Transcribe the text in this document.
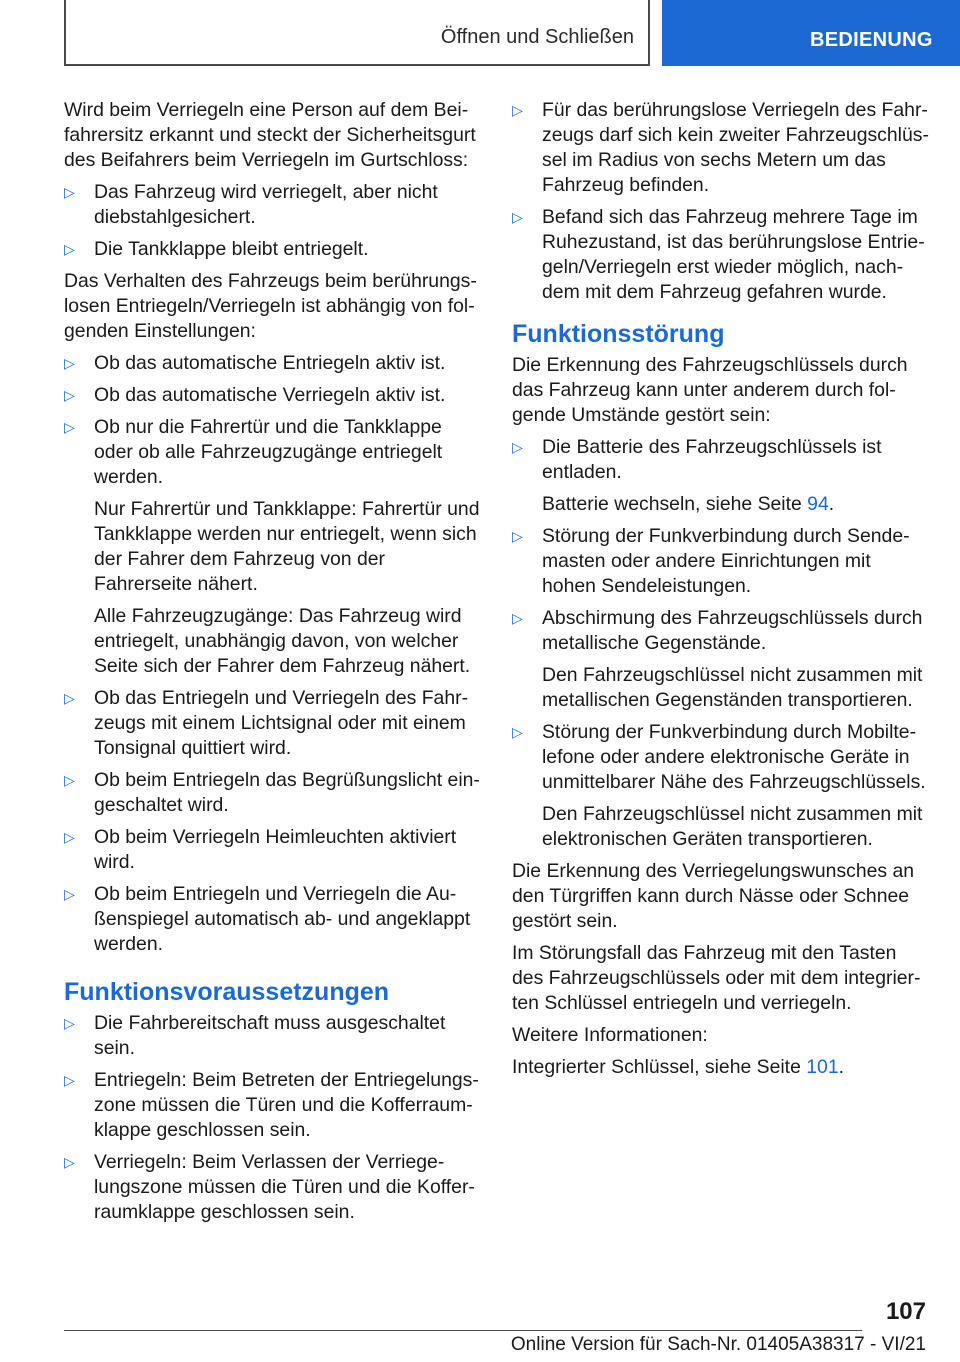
Öffnen und Schließen	BEDIENUNG

Wird beim Verriegeln eine Person auf dem Beifahrersitz erkannt und steckt der Sicherheitsgurt des Beifahrers beim Verriegeln im Gurtschloss:

▷ Das Fahrzeug wird verriegelt, aber nicht diebstahlgesichert.
▷ Die Tankklappe bleibt entriegelt.

Das Verhalten des Fahrzeugs beim berührungslosen Entriegeln/Verriegeln ist abhängig von folgenden Einstellungen:

▷ Ob das automatische Entriegeln aktiv ist.
▷ Ob das automatische Verriegeln aktiv ist.
▷ Ob nur die Fahrertür und die Tankklappe oder ob alle Fahrzeugzugänge entriegelt werden.
Nur Fahrertür und Tankklappe: Fahrertür und Tankklappe werden nur entriegelt, wenn sich der Fahrer dem Fahrzeug von der Fahrerseite nähert.
Alle Fahrzeugzugänge: Das Fahrzeug wird entriegelt, unabhängig davon, von welcher Seite sich der Fahrer dem Fahrzeug nähert.
▷ Ob das Entriegeln und Verriegeln des Fahrzeugs mit einem Lichtsignal oder mit einem Tonsignal quittiert wird.
▷ Ob beim Entriegeln das Begrüßungslicht eingeschaltet wird.
▷ Ob beim Verriegeln Heimleuchten aktiviert wird.
▷ Ob beim Entriegeln und Verriegeln die Außenspiegel automatisch ab- und angeklappt werden.
Funktionsvoraussetzungen
▷ Die Fahrbereitschaft muss ausgeschaltet sein.
▷ Entriegeln: Beim Betreten der Entriegelungszone müssen die Türen und die Kofferraumklappe geschlossen sein.
▷ Verriegeln: Beim Verlassen der Verriegelungszone müssen die Türen und die Kofferraumklappe geschlossen sein.
▷ Für das berührungslose Verriegeln des Fahrzeugs darf sich kein zweiter Fahrzeugschlüssel im Radius von sechs Metern um das Fahrzeug befinden.
▷ Befand sich das Fahrzeug mehrere Tage im Ruhezustand, ist das berührungslose Entriegeln/Verriegeln erst wieder möglich, nachdem mit dem Fahrzeug gefahren wurde.
Funktionsstörung

Die Erkennung des Fahrzeugschlüssels durch das Fahrzeug kann unter anderem durch folgende Umstände gestört sein:

▷ Die Batterie des Fahrzeugschlüssels ist entladen.
Batterie wechseln, siehe Seite 94.
▷ Störung der Funkverbindung durch Sendemasten oder andere Einrichtungen mit hohen Sendeleistungen.
▷ Abschirmung des Fahrzeugschlüssels durch metallische Gegenstände.
Den Fahrzeugschlüssel nicht zusammen mit metallischen Gegenständen transportieren.
▷ Störung der Funkverbindung durch Mobiltelefone oder andere elektronische Geräte in unmittelbarer Nähe des Fahrzeugschlüssels.
Den Fahrzeugschlüssel nicht zusammen mit elektronischen Geräten transportieren.

Die Erkennung des Verriegelungswunsches an den Türgriffen kann durch Nässe oder Schnee gestört sein.

Im Störungsfall das Fahrzeug mit den Tasten des Fahrzeugschlüssels oder mit dem integrierten Schlüssel entriegeln und verriegeln.

Weitere Informationen:

Integrierter Schlüssel, siehe Seite 101.

107
Online Version für Sach-Nr. 01405A38317 - VI/21
